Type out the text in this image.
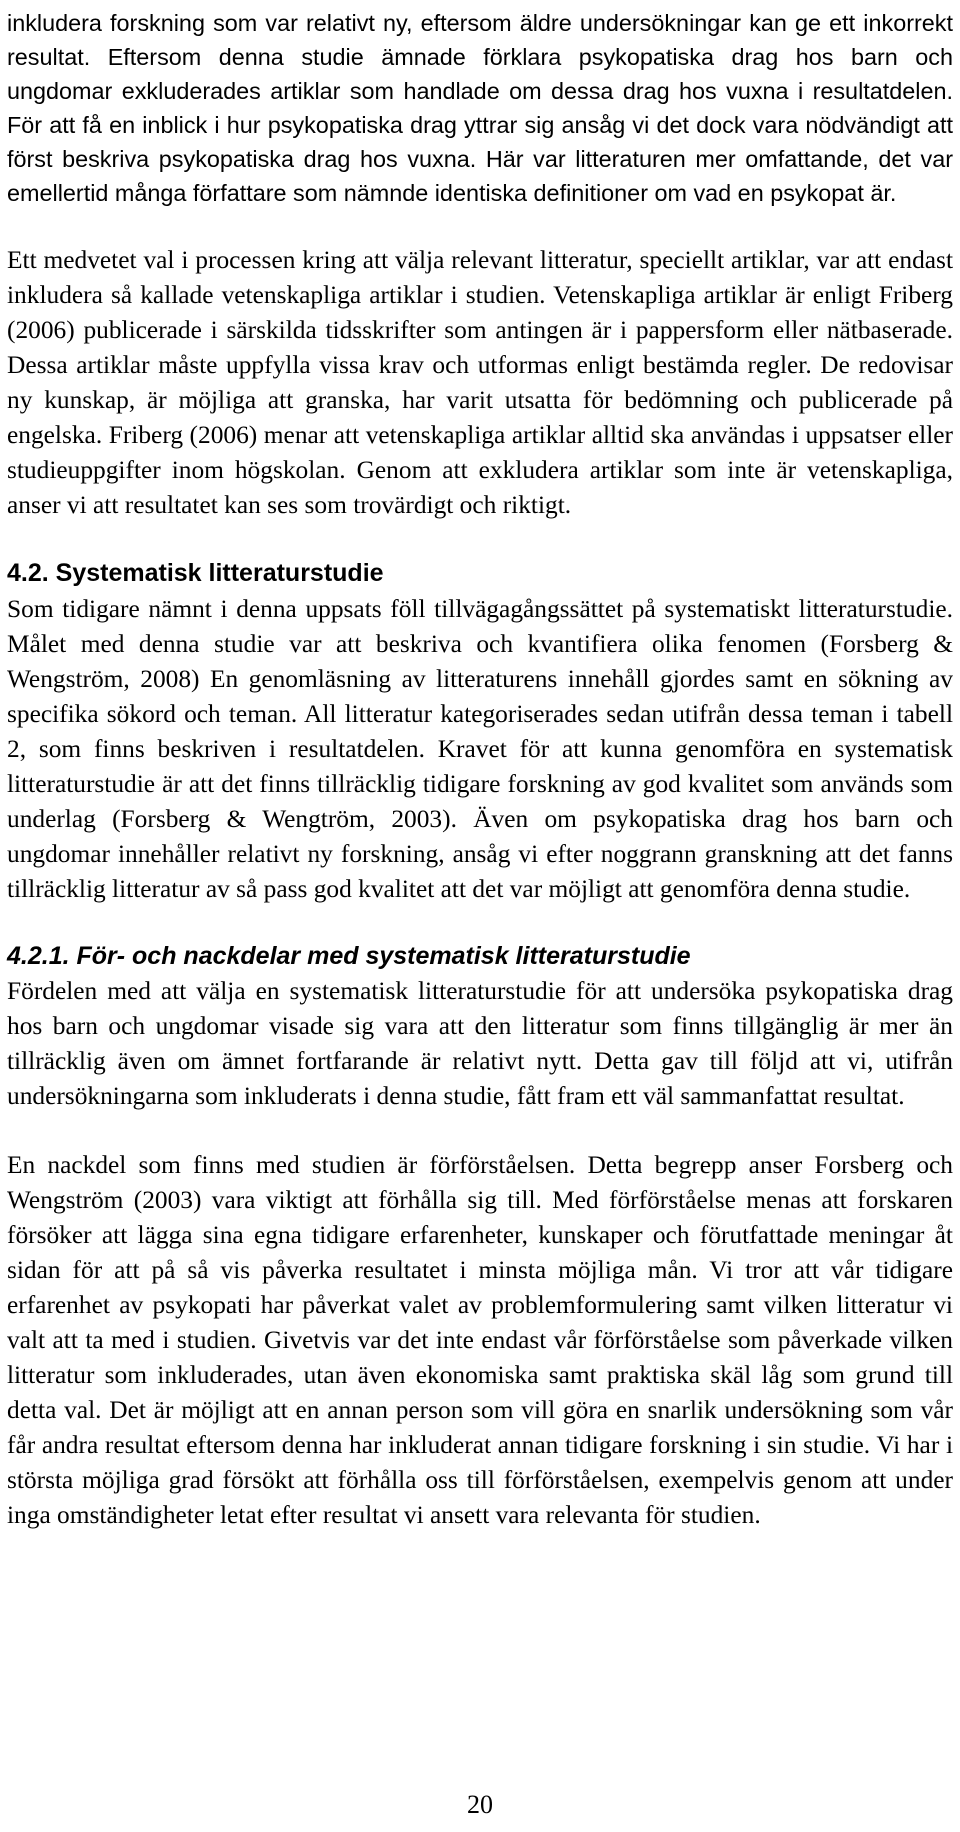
inkludera forskning som var relativt ny, eftersom äldre undersökningar kan ge ett inkorrekt resultat. Eftersom denna studie ämnade förklara psykopatiska drag hos barn och ungdomar exkluderades artiklar som handlade om dessa drag hos vuxna i resultatdelen. För att få en inblick i hur psykopatiska drag yttrar sig ansåg vi det dock vara nödvändigt att först beskriva psykopatiska drag hos vuxna. Här var litteraturen mer omfattande, det var emellertid många författare som nämnde identiska definitioner om vad en psykopat är.

Ett medvetet val i processen kring att välja relevant litteratur, speciellt artiklar, var att endast inkludera så kallade vetenskapliga artiklar i studien. Vetenskapliga artiklar är enligt Friberg (2006) publicerade i särskilda tidsskrifter som antingen är i pappersform eller nätbaserade. Dessa artiklar måste uppfylla vissa krav och utformas enligt bestämda regler. De redovisar ny kunskap, är möjliga att granska, har varit utsatta för bedömning och publicerade på engelska. Friberg (2006) menar att vetenskapliga artiklar alltid ska användas i uppsatser eller studieuppgifter inom högskolan. Genom att exkludera artiklar som inte är vetenskapliga, anser vi att resultatet kan ses som trovärdigt och riktigt.

4.2. Systematisk litteraturstudie

Som tidigare nämnt i denna uppsats föll tillvägagångssättet på systematiskt litteraturstudie. Målet med denna studie var att beskriva och kvantifiera olika fenomen (Forsberg & Wengström, 2008) En genomläsning av litteraturens innehåll gjordes samt en sökning av specifika sökord och teman. All litteratur kategoriserades sedan utifrån dessa teman i tabell 2, som finns beskriven i resultatdelen. Kravet för att kunna genomföra en systematisk litteraturstudie är att det finns tillräcklig tidigare forskning av god kvalitet som används som underlag (Forsberg & Wengtröm, 2003). Även om psykopatiska drag hos barn och ungdomar innehåller relativt ny forskning, ansåg vi efter noggrann granskning att det fanns tillräcklig litteratur av så pass god kvalitet att det var möjligt att genomföra denna studie.

4.2.1. För- och nackdelar med systematisk litteraturstudie

Fördelen med att välja en systematisk litteraturstudie för att undersöka psykopatiska drag hos barn och ungdomar visade sig vara att den litteratur som finns tillgänglig är mer än tillräcklig även om ämnet fortfarande är relativt nytt. Detta gav till följd att vi, utifrån undersökningarna som inkluderats i denna studie, fått fram ett väl sammanfattat resultat.

En nackdel som finns med studien är förförståelsen. Detta begrepp anser Forsberg och Wengström (2003) vara viktigt att förhålla sig till. Med förförståelse menas att forskaren försöker att lägga sina egna tidigare erfarenheter, kunskaper och förutfattade meningar åt sidan för att på så vis påverka resultatet i minsta möjliga mån. Vi tror att vår tidigare erfarenhet av psykopati har påverkat valet av problemformulering samt vilken litteratur vi valt att ta med i studien. Givetvis var det inte endast vår förförståelse som påverkade vilken litteratur som inkluderades, utan även ekonomiska samt praktiska skäl låg som grund till detta val. Det är möjligt att en annan person som vill göra en snarlik undersökning som vår får andra resultat eftersom denna har inkluderat annan tidigare forskning i sin studie. Vi har i största möjliga grad försökt att förhålla oss till förförståelsen, exempelvis genom att under inga omständigheter letat efter resultat vi ansett vara relevanta för studien.

20
